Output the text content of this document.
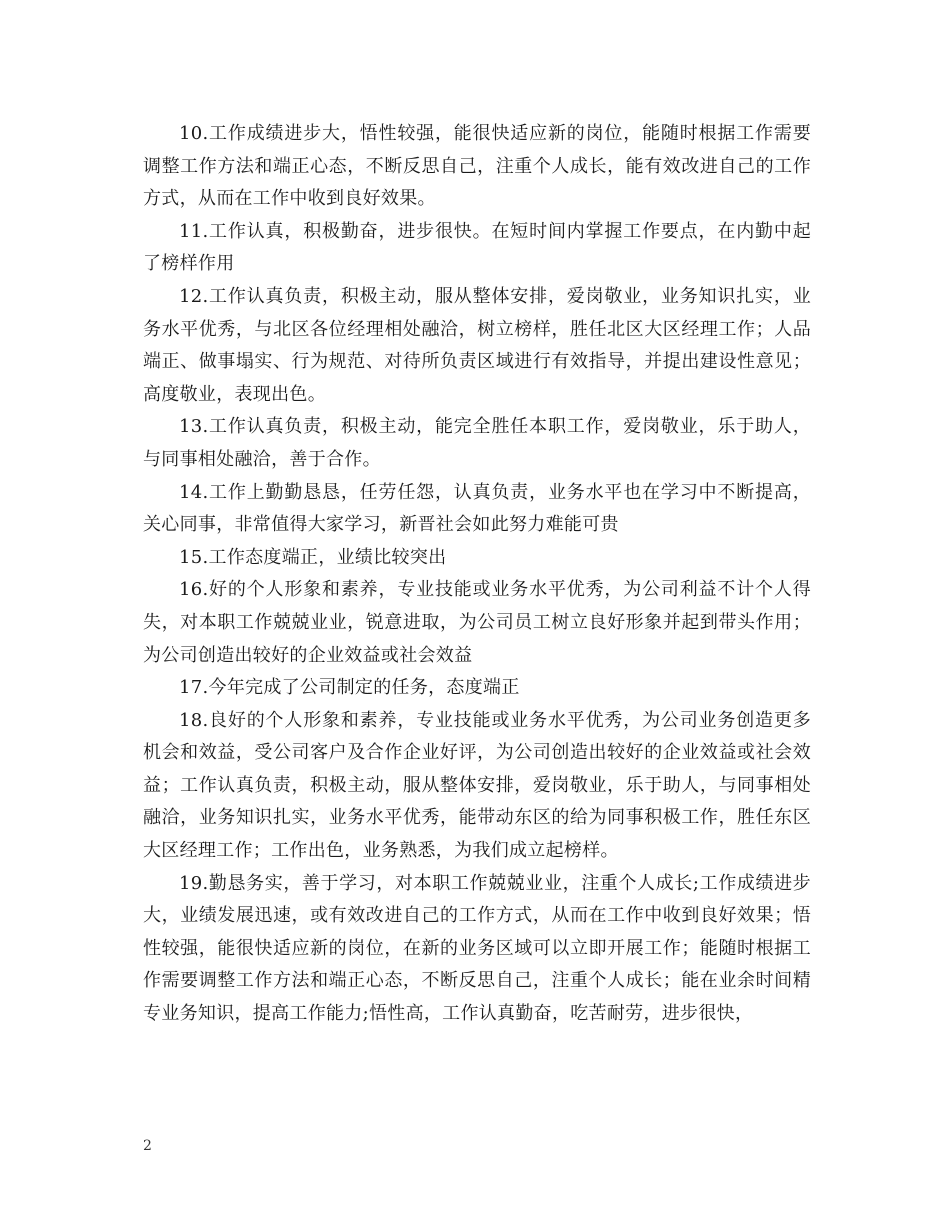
10.工作成绩进步大，悟性较强，能很快适应新的岗位，能随时根据工作需要调整工作方法和端正心态，不断反思自己，注重个人成长，能有效改进自己的工作方式，从而在工作中收到良好效果。

11.工作认真，积极勤奋，进步很快。在短时间内掌握工作要点，在内勤中起了榜样作用

12.工作认真负责，积极主动，服从整体安排，爱岗敬业，业务知识扎实，业务水平优秀，与北区各位经理相处融洽，树立榜样，胜任北区大区经理工作；人品端正、做事塌实、行为规范、对待所负责区域进行有效指导，并提出建设性意见；高度敬业，表现出色。

13.工作认真负责，积极主动，能完全胜任本职工作，爱岗敬业，乐于助人，与同事相处融洽，善于合作。

14.工作上勤勤恳恳，任劳任怨，认真负责，业务水平也在学习中不断提高，关心同事，非常值得大家学习，新晋社会如此努力难能可贵

15.工作态度端正，业绩比较突出

16.好的个人形象和素养，专业技能或业务水平优秀，为公司利益不计个人得失，对本职工作兢兢业业，锐意进取，为公司员工树立良好形象并起到带头作用；为公司创造出较好的企业效益或社会效益

17.今年完成了公司制定的任务，态度端正

18.良好的个人形象和素养，专业技能或业务水平优秀，为公司业务创造更多机会和效益，受公司客户及合作企业好评，为公司创造出较好的企业效益或社会效益；工作认真负责，积极主动，服从整体安排，爱岗敬业，乐于助人，与同事相处融洽，业务知识扎实，业务水平优秀，能带动东区的给为同事积极工作，胜任东区大区经理工作；工作出色，业务熟悉，为我们成立起榜样。

19.勤恳务实，善于学习，对本职工作兢兢业业，注重个人成长;工作成绩进步大，业绩发展迅速，或有效改进自己的工作方式，从而在工作中收到良好效果；悟性较强，能很快适应新的岗位，在新的业务区域可以立即开展工作；能随时根据工作需要调整工作方法和端正心态，不断反思自己，注重个人成长；能在业余时间精专业务知识，提高工作能力;悟性高，工作认真勤奋，吃苦耐劳，进步很快，

2
